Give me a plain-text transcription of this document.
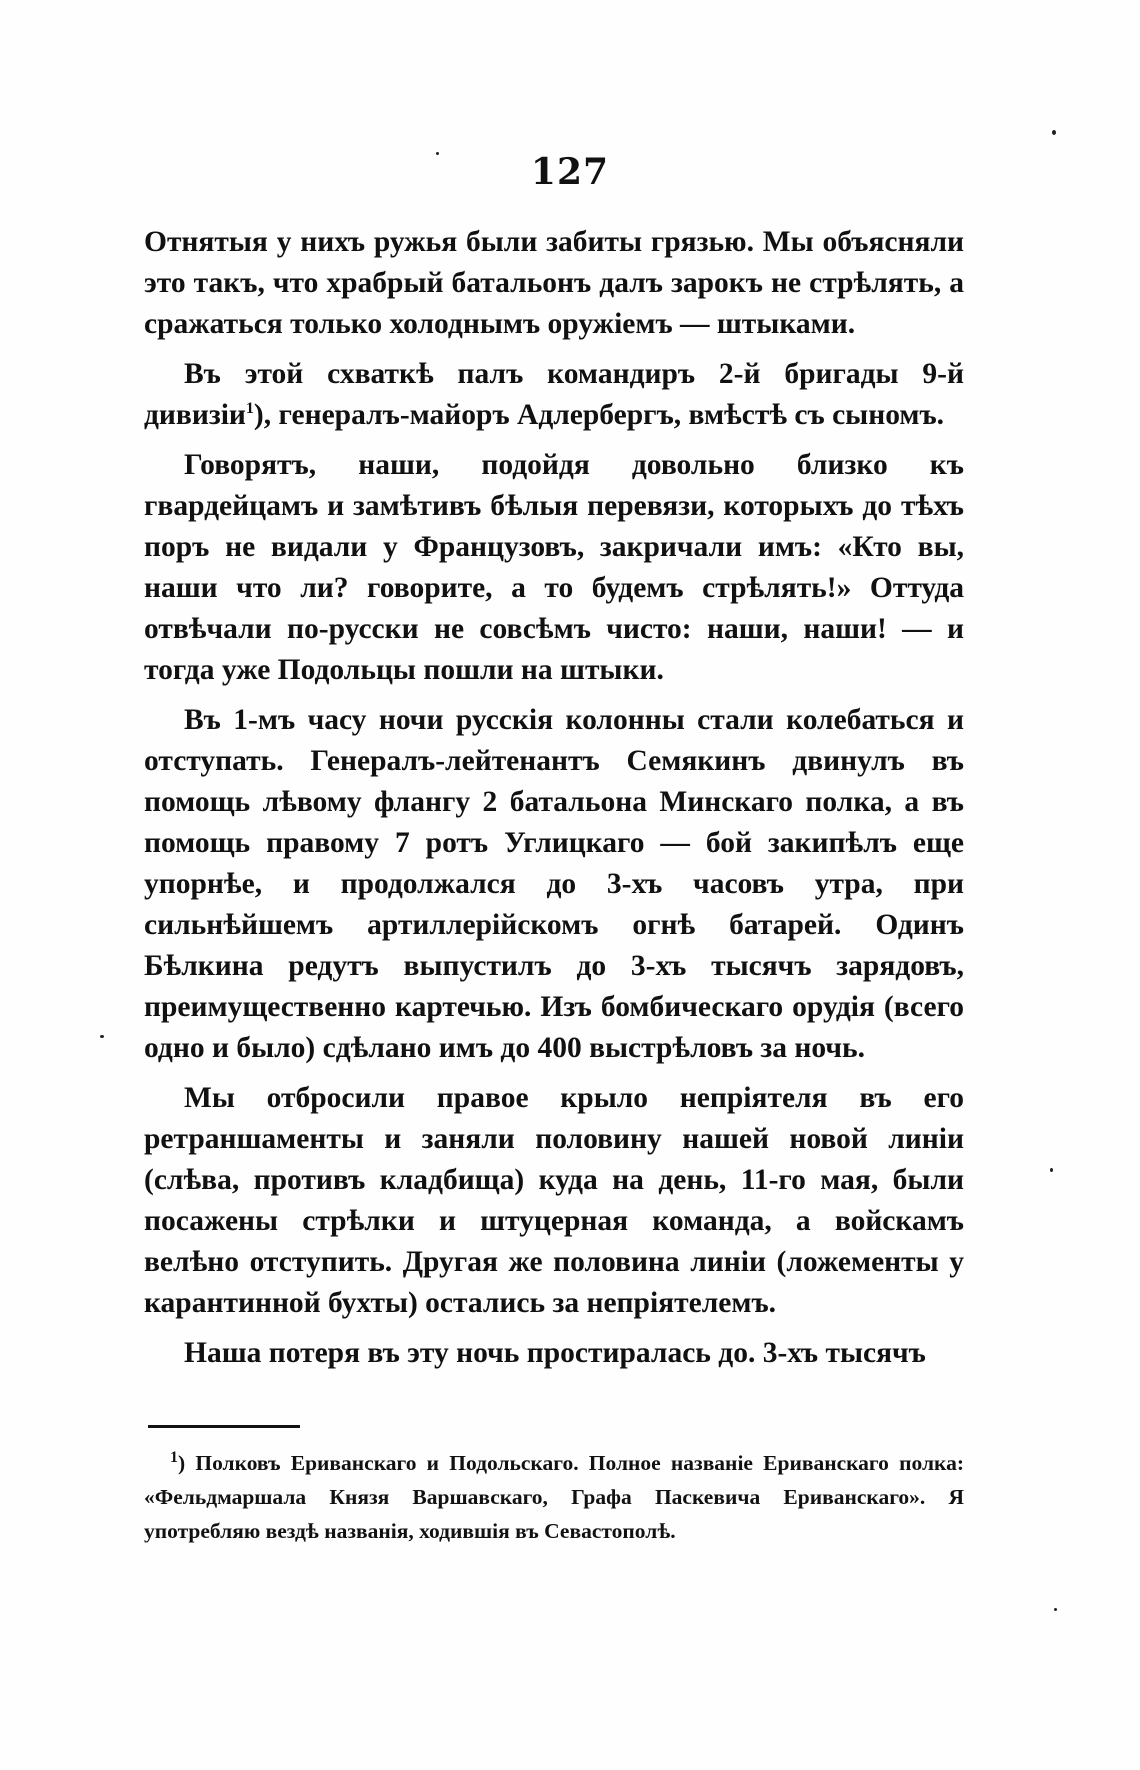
127

Отнятыя у нихъ ружья были забиты грязью. Мы объясняли это такъ, что храбрый батальонъ далъ зарокъ не стрѣлять, а сражаться только холоднымъ оружіемъ — штыками.

Въ этой схваткѣ палъ командиръ 2-й бригады 9-й дивизіи$^1$), генералъ-майоръ Адлербергъ, вмѣстѣ съ сыномъ.

Говорятъ, наши, подойдя довольно близко къ гвардейцамъ и замѣтивъ бѣлыя перевязи, которыхъ до тѣхъ поръ не видали у Французовъ, закричали имъ: «Кто вы, наши что ли? говорите, а то будемъ стрѣлять!» Оттуда отвѣчали по-русски не совсѣмъ чисто: наши, наши! — и тогда уже Подольцы пошли на штыки.

Въ 1-мъ часу ночи русскія колонны стали колебаться и отступать. Генералъ-лейтенантъ Семякинъ двинулъ въ помощь лѣвому флангу 2 батальона Минскаго полка, а въ помощь правому 7 ротъ Углицкаго — бой закипѣлъ еще упорнѣе, и продолжался до 3-хъ часовъ утра, при сильнѣйшемъ артиллерійскомъ огнѣ батарей. Одинъ Бѣлкина редутъ выпустилъ до 3-хъ тысячъ зарядовъ, преимущественно картечью. Изъ бомбическаго орудія (всего одно и было) сдѣлано имъ до 400 выстрѣловъ за ночь.

Мы отбросили правое крыло непріятеля въ его ретраншаменты и заняли половину нашей новой линіи (слѣва, противъ кладбища) куда на день, 11-го мая, были посажены стрѣлки и штуцерная команда, а войскамъ велѣно отступить. Другая же половина линіи (ложементы у карантинной бухты) остались за непріятелемъ.

Наша потеря въ эту ночь простиралась до. 3-хъ тысячъ

$^1$) Полковъ Ериванскаго и Подольскаго. Полное названіе Ериванскаго полка: «Фельдмаршала Князя Варшавскаго, Графа Паскевича Ериванскаго». Я употребляю вездѣ названія, ходившія въ Севастополѣ.
